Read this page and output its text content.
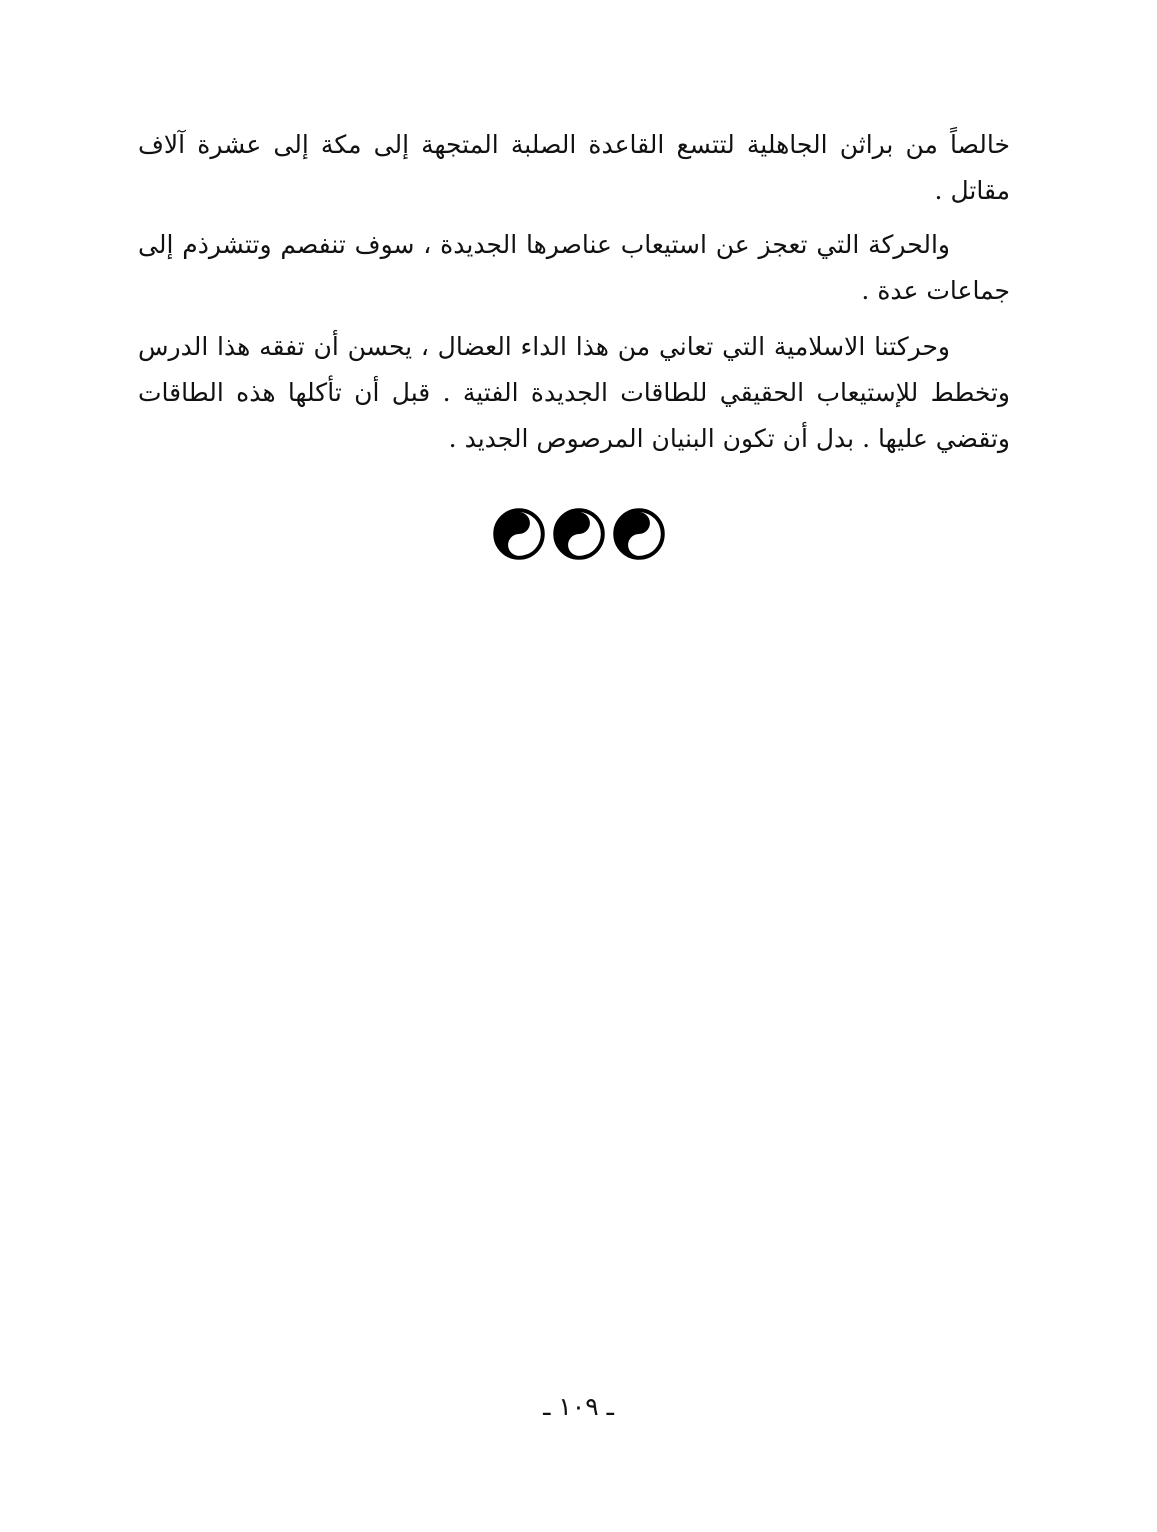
خالصاً من براثن الجاهلية لتتسع القاعدة الصلبة المتجهة إلى مكة إلى عشرة آلاف مقاتل .

والحركة التي تعجز عن استيعاب عناصرها الجديدة ، سوف تنفصم وتتشرذم إلى جماعات عدة .

وحركتنا الاسلامية التي تعاني من هذا الداء العضال ، يحسن أن تفقه هذا الدرس وتخطط للإستيعاب الحقيقي للطاقات الجديدة الفتية . قبل أن تأكلها هذه الطاقات وتقضي عليها . بدل أن تكون البنيان المرصوص الجديد .

ـ ١٠٩ ـ
